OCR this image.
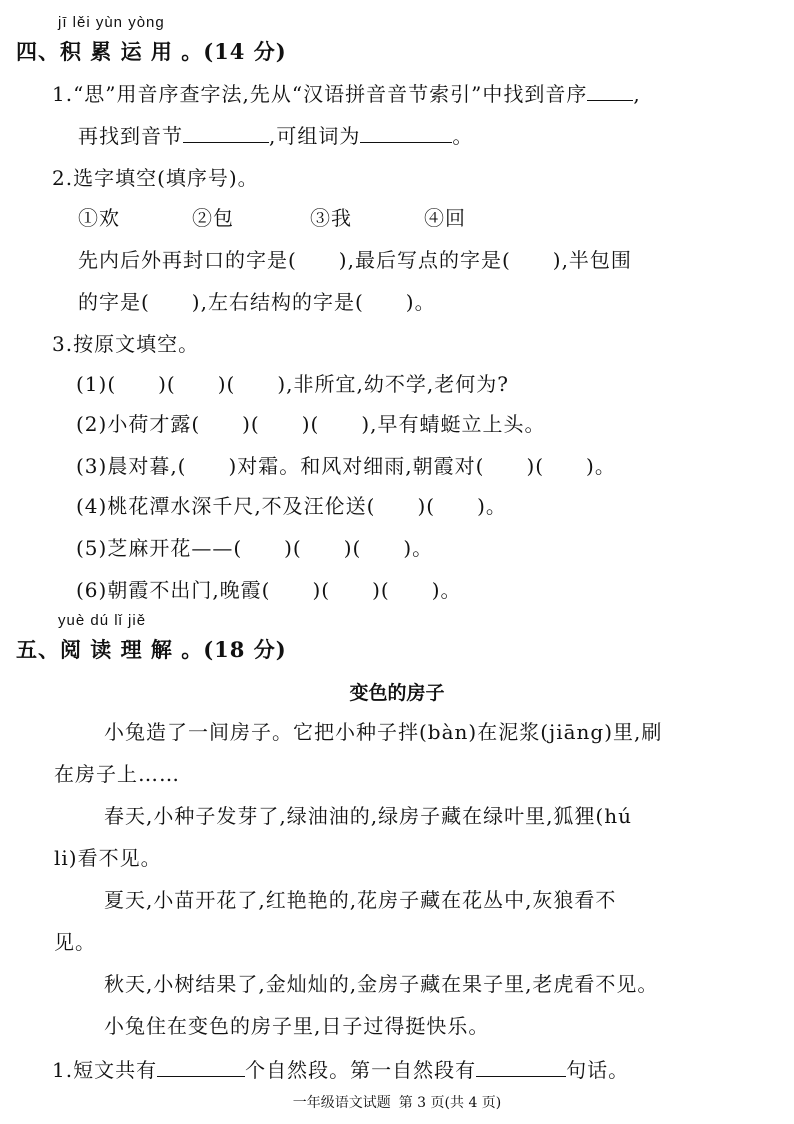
jī lěi yùn yòng
四、积 累 运 用 。(14 分)
1.“思”用音序查字法,先从“汉语拼音音节索引”中找到音序 ,
再找到音节	,可组词为	。
2.选字填空(填序号)。
①欢	②包	③我	④回
先内后外再封口的字是(　　),最后写点的字是(　　),半包围
的字是(　　),左右结构的字是(　　)。
3.按原文填空。
(1)(　　)(　　)(　　),非所宜,幼不学,老何为?
(2)小荷才露(　　)(　　)(　　),早有蜻蜓立上头。
(3)晨对暮,(　　)对霜。和风对细雨,朝霞对(　　)(　　)。
(4)桃花潭水深千尺,不及汪伦送(　　)(　　)。
(5)芝麻开花——(　　)(　　)(　　)。
(6)朝霞不出门,晚霞(　　)(　　)(　　)。
yuè dú lǐ jiě
五、阅 读 理 解 。(18 分)
变色的房子
小兔造了一间房子。它把小种子拌(bàn)在泥浆(jiāng)里,刷
在房子上……
春天,小种子发芽了,绿油油的,绿房子藏在绿叶里,狐狸(hú
li)看不见。
夏天,小苗开花了,红艳艳的,花房子藏在花丛中,灰狼看不
见。
秋天,小树结果了,金灿灿的,金房子藏在果子里,老虎看不见。
小兔住在变色的房子里,日子过得挺快乐。
1.短文共有	个自然段。第一自然段有	句话。
一年级语文试题 第 3 页(共 4 页)
